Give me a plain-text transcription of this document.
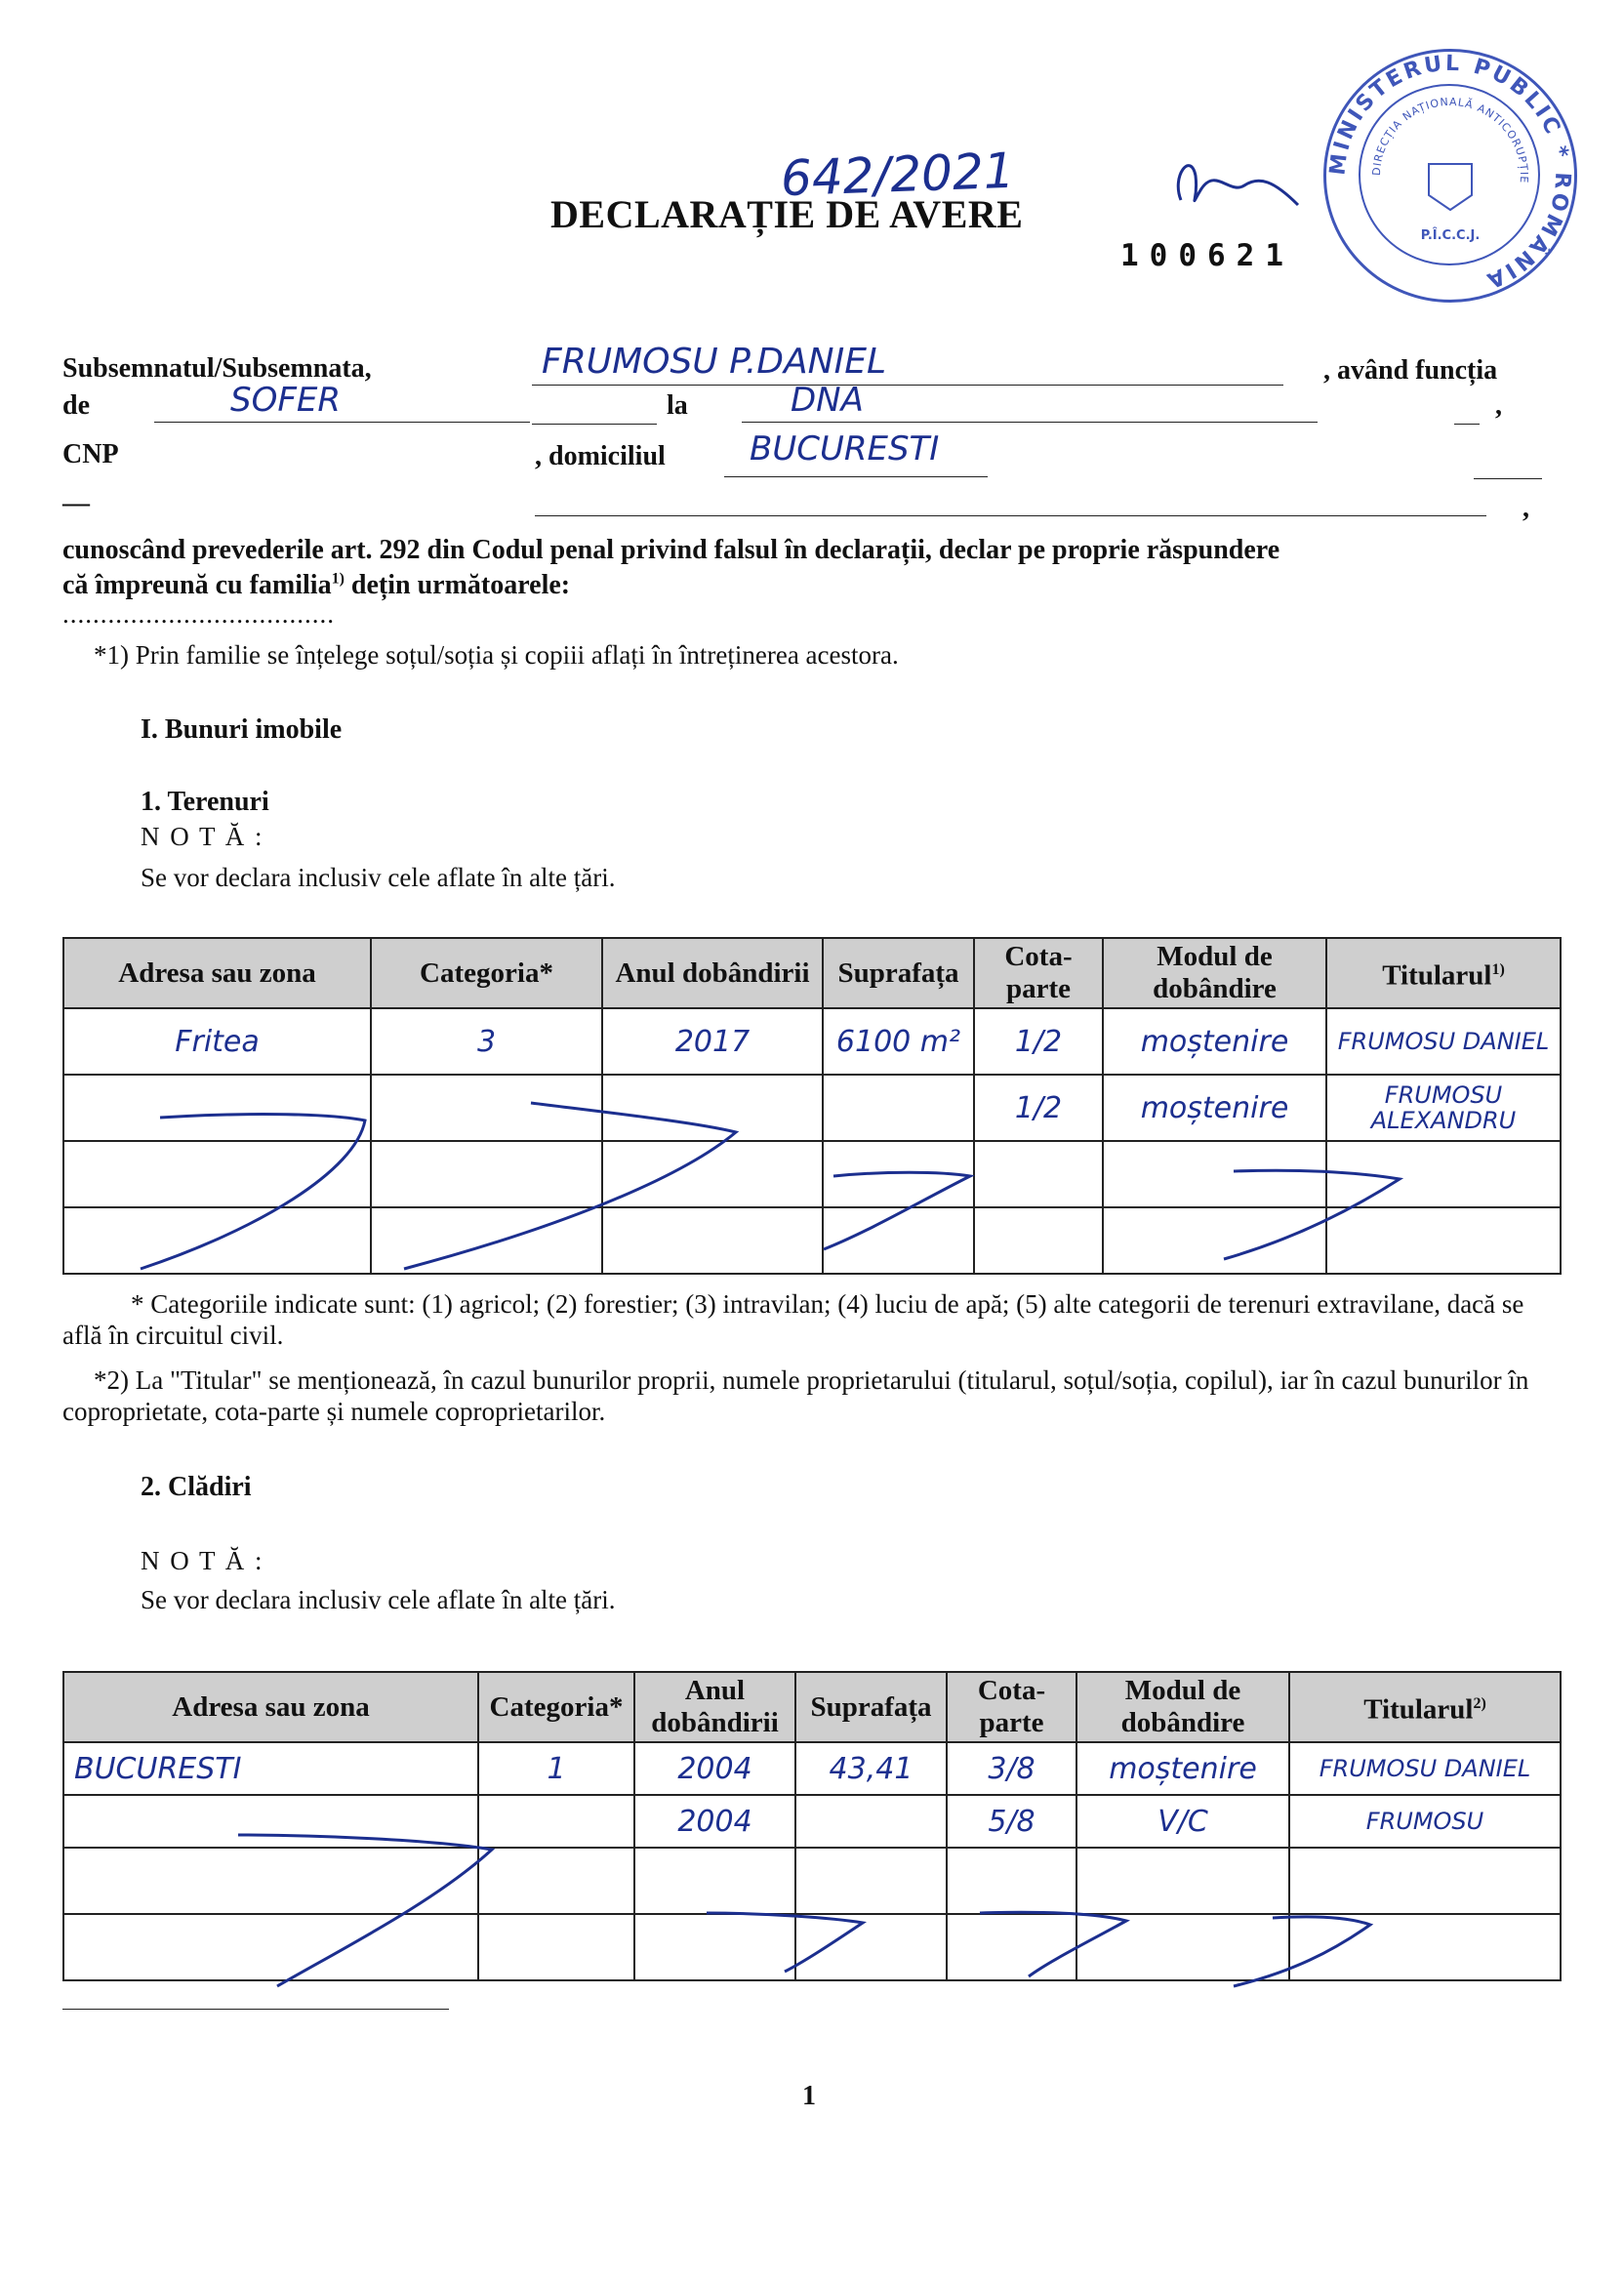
642/2021
DECLARAȚIE DE AVERE
100621
MINISTERUL PUBLIC * ROMÂNIA
DIRECȚIA NAȚIONALĂ ANTICORUPȚIE
P.Î.C.C.J.
Subsemnatul/Subsemnata,	FRUMOSU P.DANIEL	, având funcția
de	SOFER	la	DNA	,
CNP	, domiciliul	BUCURESTI
—	,
cunoscând prevederile art. 292 din Codul penal privind falsul în declarații, declar pe proprie răspundere
că împreună cu familia$^{1)}$ dețin următoarele:
....................................
*1) Prin familie se înțelege soțul/soția și copiii aflați în întreținerea acestora.
I. Bunuri imobile
1. Terenuri
N O T Ă :
Se vor declara inclusiv cele aflate în alte țări.
Adresa sau zona	Categoria*	Anul dobândirii	Suprafața	Cota-parte	Modul de dobândire	Titularul$^{1)}$
Fritea	3	2017	6100 m²	1/2	moștenire	FRUMOSU DANIEL
				1/2	moștenire	FRUMOSU ALEXANDRU

* Categoriile indicate sunt: (1) agricol; (2) forestier; (3) intravilan; (4) luciu de apă; (5) alte categorii de terenuri extravilane, dacă se află în circuitul civil.
*2) La "Titular" se menționează, în cazul bunurilor proprii, numele proprietarului (titularul, soțul/soția, copilul), iar în cazul bunurilor în coproprietate, cota-parte și numele coproprietarilor.
2. Clădiri
N O T Ă :
Se vor declara inclusiv cele aflate în alte țări.
Adresa sau zona	Categoria*	Anul dobândirii	Suprafața	Cota-parte	Modul de dobândire	Titularul$^{2)}$
BUCURESTI	1	2004	43,41	3/8	moștenire	FRUMOSU DANIEL
		2004		5/8	V/C	FRUMOSU

1
